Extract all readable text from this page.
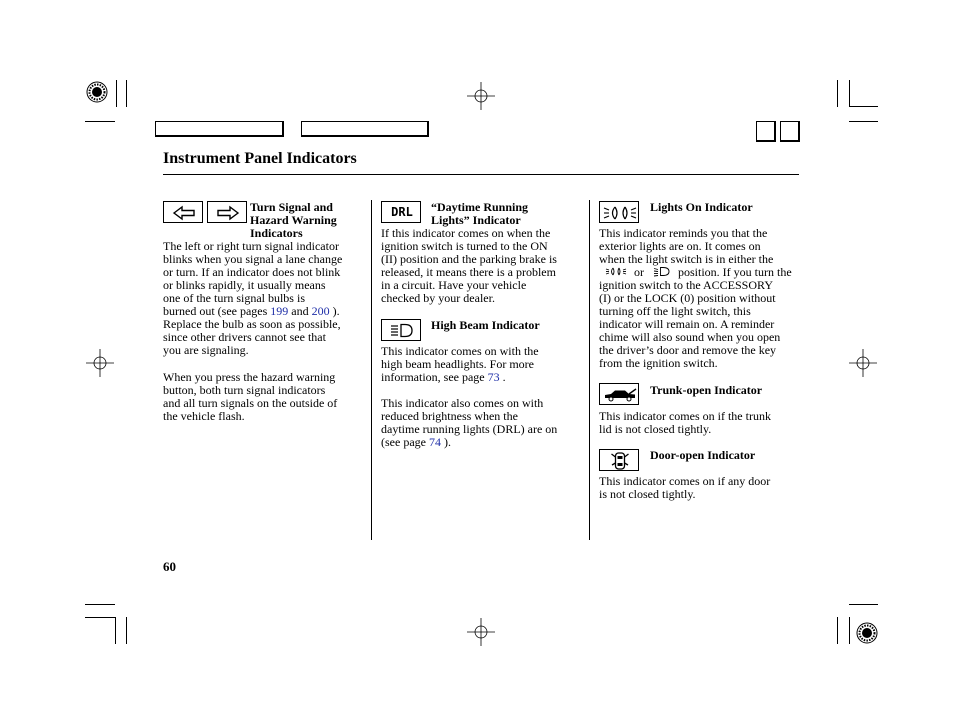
Instrument Panel Indicators
Turn Signal and
Hazard Warning
Indicators
The left or right turn signal indicator
blinks when you signal a lane change
or turn. If an indicator does not blink
or blinks rapidly, it usually means
one of the turn signal bulbs is
burned out (see pages 199 and 200 ).
Replace the bulb as soon as possible,
since other drivers cannot see that
you are signaling.
When you press the hazard warning
button, both turn signal indicators
and all turn signals on the outside of
the vehicle flash.
DRL	“Daytime Running
Lights” Indicator
If this indicator comes on when the
ignition switch is turned to the ON
(II) position and the parking brake is
released, it means there is a problem
in a circuit. Have your vehicle
checked by your dealer.
High Beam Indicator
This indicator comes on with the
high beam headlights. For more
information, see page 73 .
This indicator also comes on with
reduced brightness when the
daytime running lights (DRL) are on
(see page 74 ).
Lights On Indicator
This indicator reminds you that the
exterior lights are on. It comes on
when the light switch is in either the
or	position. If you turn the
ignition switch to the ACCESSORY
(I) or the LOCK (0) position without
turning off the light switch, this
indicator will remain on. A reminder
chime will also sound when you open
the driver’s door and remove the key
from the ignition switch.
Trunk-open Indicator
This indicator comes on if the trunk
lid is not closed tightly.
Door-open Indicator
This indicator comes on if any door
is not closed tightly.
60
